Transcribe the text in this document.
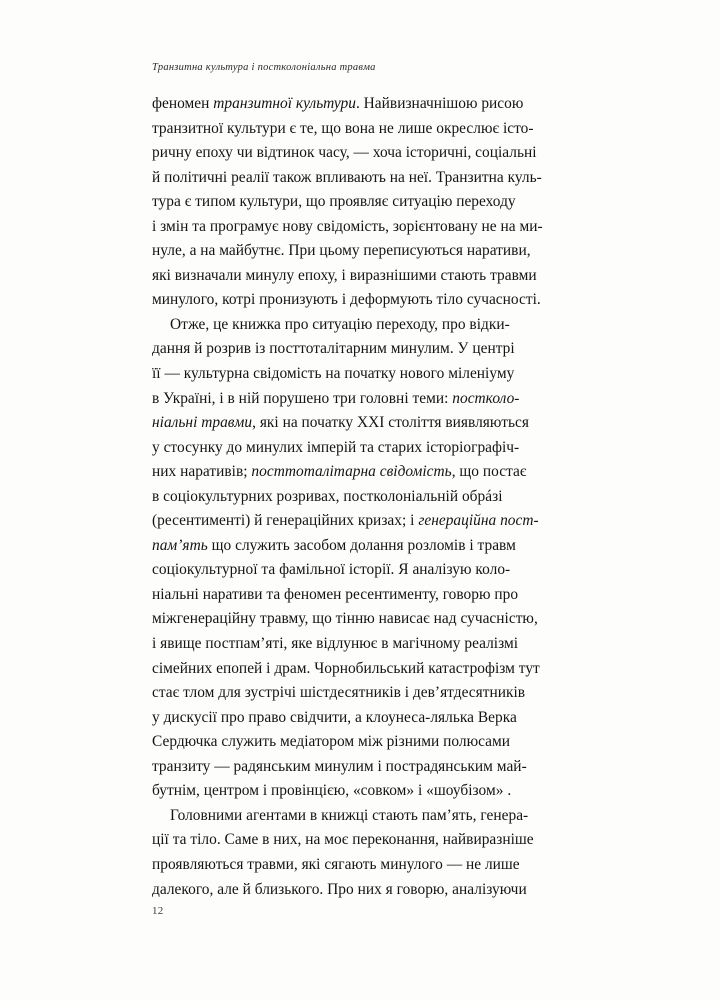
Транзитна культура і постколоніальна травма

феномен транзитної культури. Найвизначнішою рисою
транзитної культури є те, що вона не лише окреслює істо-
ричну епоху чи відтинок часу, — хоча історичні, соціальні
й політичні реалії також впливають на неї. Транзитна куль-
тура є типом культури, що проявляє ситуацію переходу
і змін та програмує нову свідомість, зорієнтовану не на ми-
нуле, а на майбутнє. При цьому переписуються наративи,
які визначали минулу епоху, і виразнішими стають травми
минулого, котрі пронизують і деформують тіло сучасності.

Отже, це книжка про ситуацію переходу, про відки-
дання й розрив із посттоталітарним минулим. У центрі
її — культурна свідомість на початку нового міленіуму
в Україні, і в ній порушено три головні теми: постколо-
ніальні травми, які на початку XXI століття виявляються
у стосунку до минулих імперій та старих історіографіч-
них наративів; посттоталітарна свідомість, що постає
в соціокультурних розривах, постколоніальній обрáзі
(ресентименті) й генераційних кризах; і генераційна пост-
пам’ять що служить засобом долання розломів і травм
соціокультурної та фамільної історії. Я аналізую коло-
ніальні наративи та феномен ресентименту, говорю про
міжгенераційну травму, що тінню нависає над сучасністю,
і явище постпам’яті, яке відлунює в магічному реалізмі
сімейних епопей і драм. Чорнобильський катастрофізм тут
стає тлом для зустрічі шістдесятників і дев’ятдесятників
у дискусії про право свідчити, а клоунеса-лялька Верка
Сердючка служить медіатором між різними полюсами
транзиту — радянським минулим і пострадянським май-
бутнім, центром і провінцією, «совком» і «шоубізом» .

Головними агентами в книжці стають пам’ять, генера-
ції та тіло. Саме в них, на моє переконання, найвиразніше
проявляються травми, які сягають минулого — не лише
далекого, але й близького. Про них я говорю, аналізуючи

12
